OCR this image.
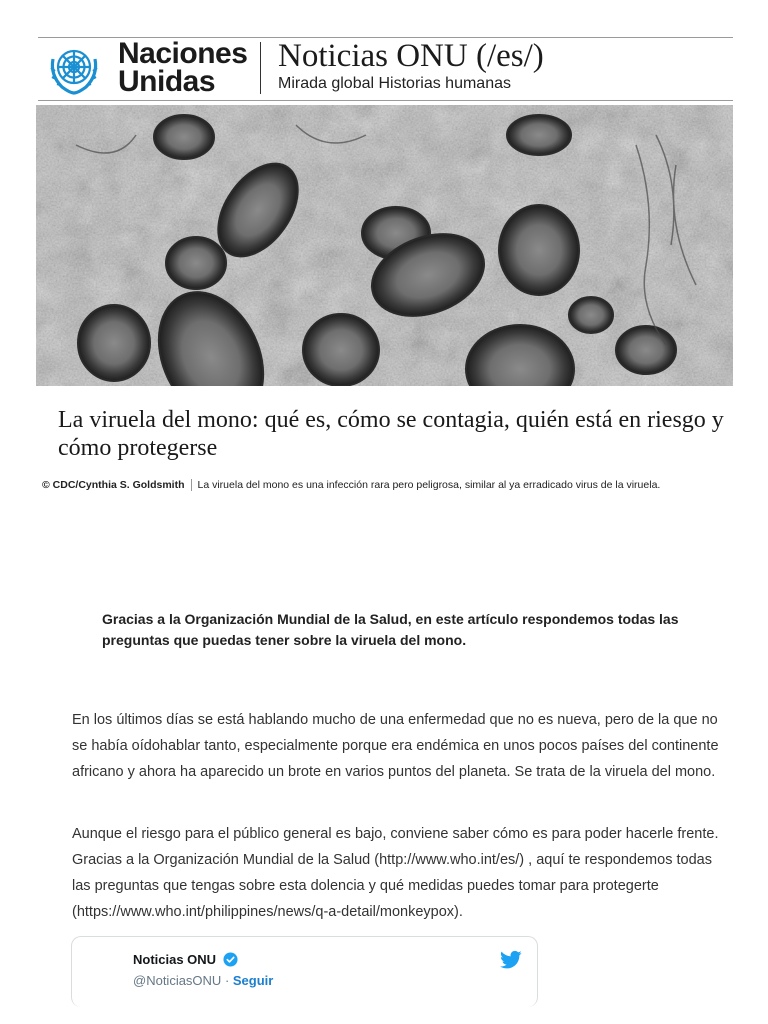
Naciones
Unidas
Noticias ONU (/es/)
Mirada global Historias humanas
La viruela del mono: qué es, cómo se contagia, quién está en riesgo y cómo protegerse
© CDC/Cynthia S. Goldsmith La viruela del mono es una infección rara pero peligrosa, similar al ya erradicado virus de la viruela.

Gracias a la Organización Mundial de la Salud, en este artículo respondemos todas las preguntas que puedas tener sobre la viruela del mono.

En los últimos días se está hablando mucho de una enfermedad que no es nueva, pero de la que no se había oídohablar tanto, especialmente porque era endémica en unos pocos países del continente africano y ahora ha aparecido un brote en varios puntos del planeta. Se trata de la viruela del mono.

Aunque el riesgo para el público general es bajo, conviene saber cómo es para poder hacerle frente. Gracias a la Organización Mundial de la Salud (http://www.who.int/es/) , aquí te respondemos todas las preguntas que tengas sobre esta dolencia y qué medidas puedes tomar para protegerte (https://www.who.int/philippines/news/q-a-detail/monkeypox).

Noticias ONU
@NoticiasONU · Seguir
